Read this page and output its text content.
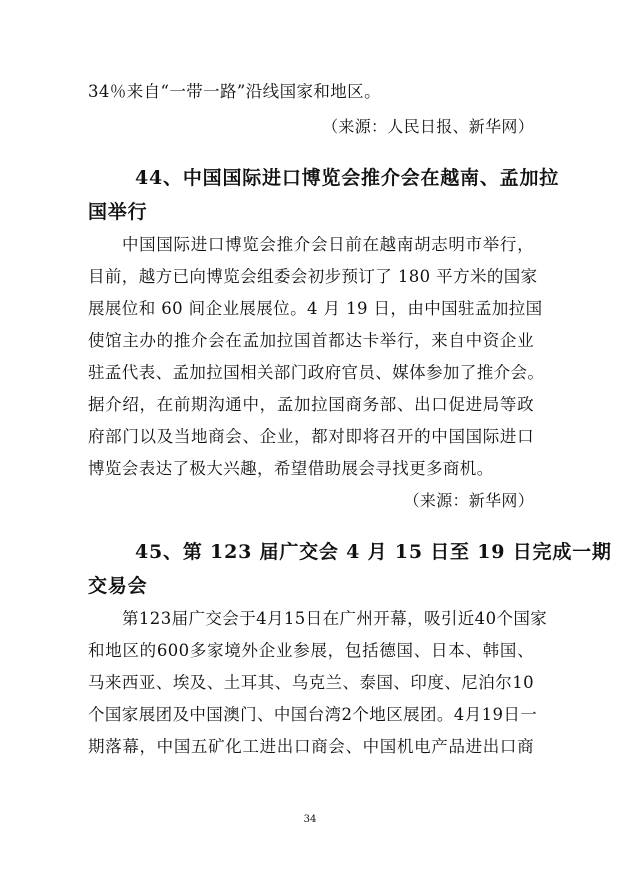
34％来自“一带一路”沿线国家和地区。

（来源：人民日报、新华网）

44、中国国际进口博览会推介会在越南、孟加拉
国举行

中国国际进口博览会推介会日前在越南胡志明市举行，

目前，越方已向博览会组委会初步预订了 180 平方米的国家

展展位和 60 间企业展展位。4 月 19 日，由中国驻孟加拉国

使馆主办的推介会在孟加拉国首都达卡举行，来自中资企业

驻孟代表、孟加拉国相关部门政府官员、媒体参加了推介会。

据介绍，在前期沟通中，孟加拉国商务部、出口促进局等政

府部门以及当地商会、企业，都对即将召开的中国国际进口

博览会表达了极大兴趣，希望借助展会寻找更多商机。

（来源：新华网）

45、第 123 届广交会 4 月 15 日至 19 日完成一期
交易会

第123届广交会于4月15日在广州开幕，吸引近40个国家

和地区的600多家境外企业参展，包括德国、日本、韩国、

马来西亚、埃及、土耳其、乌克兰、泰国、印度、尼泊尔10

个国家展团及中国澳门、中国台湾2个地区展团。4月19日一

期落幕，中国五矿化工进出口商会、中国机电产品进出口商

34
